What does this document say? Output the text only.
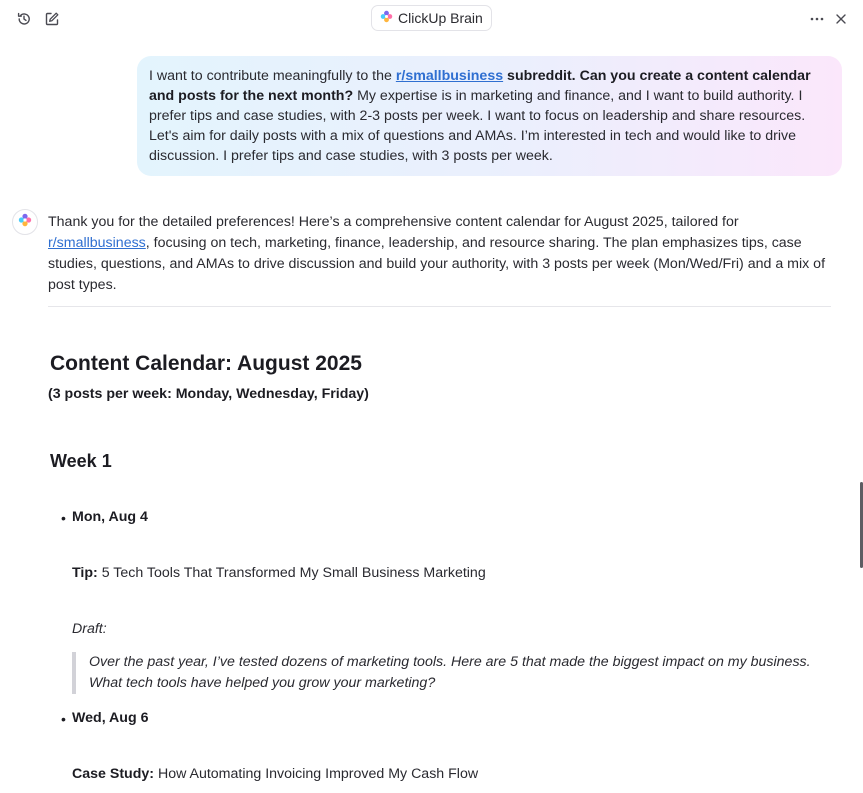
ClickUp Brain
I want to contribute meaningfully to the r/smallbusiness subreddit. Can you create a content calendar and posts for the next month? My expertise is in marketing and finance, and I want to build authority. I prefer tips and case studies, with 2-3 posts per week. I want to focus on leadership and share resources. Let's aim for daily posts with a mix of questions and AMAs. I’m interested in tech and would like to drive discussion. I prefer tips and case studies, with 3 posts per week.
Thank you for the detailed preferences! Here’s a comprehensive content calendar for August 2025, tailored for r/smallbusiness, focusing on tech, marketing, finance, leadership, and resource sharing. The plan emphasizes tips, case studies, questions, and AMAs to drive discussion and build your authority, with 3 posts per week (Mon/Wed/Fri) and a mix of post types.
Content Calendar: August 2025
(3 posts per week: Monday, Wednesday, Friday)
Week 1
• Mon, Aug 4
Tip: 5 Tech Tools That Transformed My Small Business Marketing
Draft:
Over the past year, I’ve tested dozens of marketing tools. Here are 5 that made the biggest impact on my business. What tech tools have helped you grow your marketing?
• Wed, Aug 6
Case Study: How Automating Invoicing Improved My Cash Flow
